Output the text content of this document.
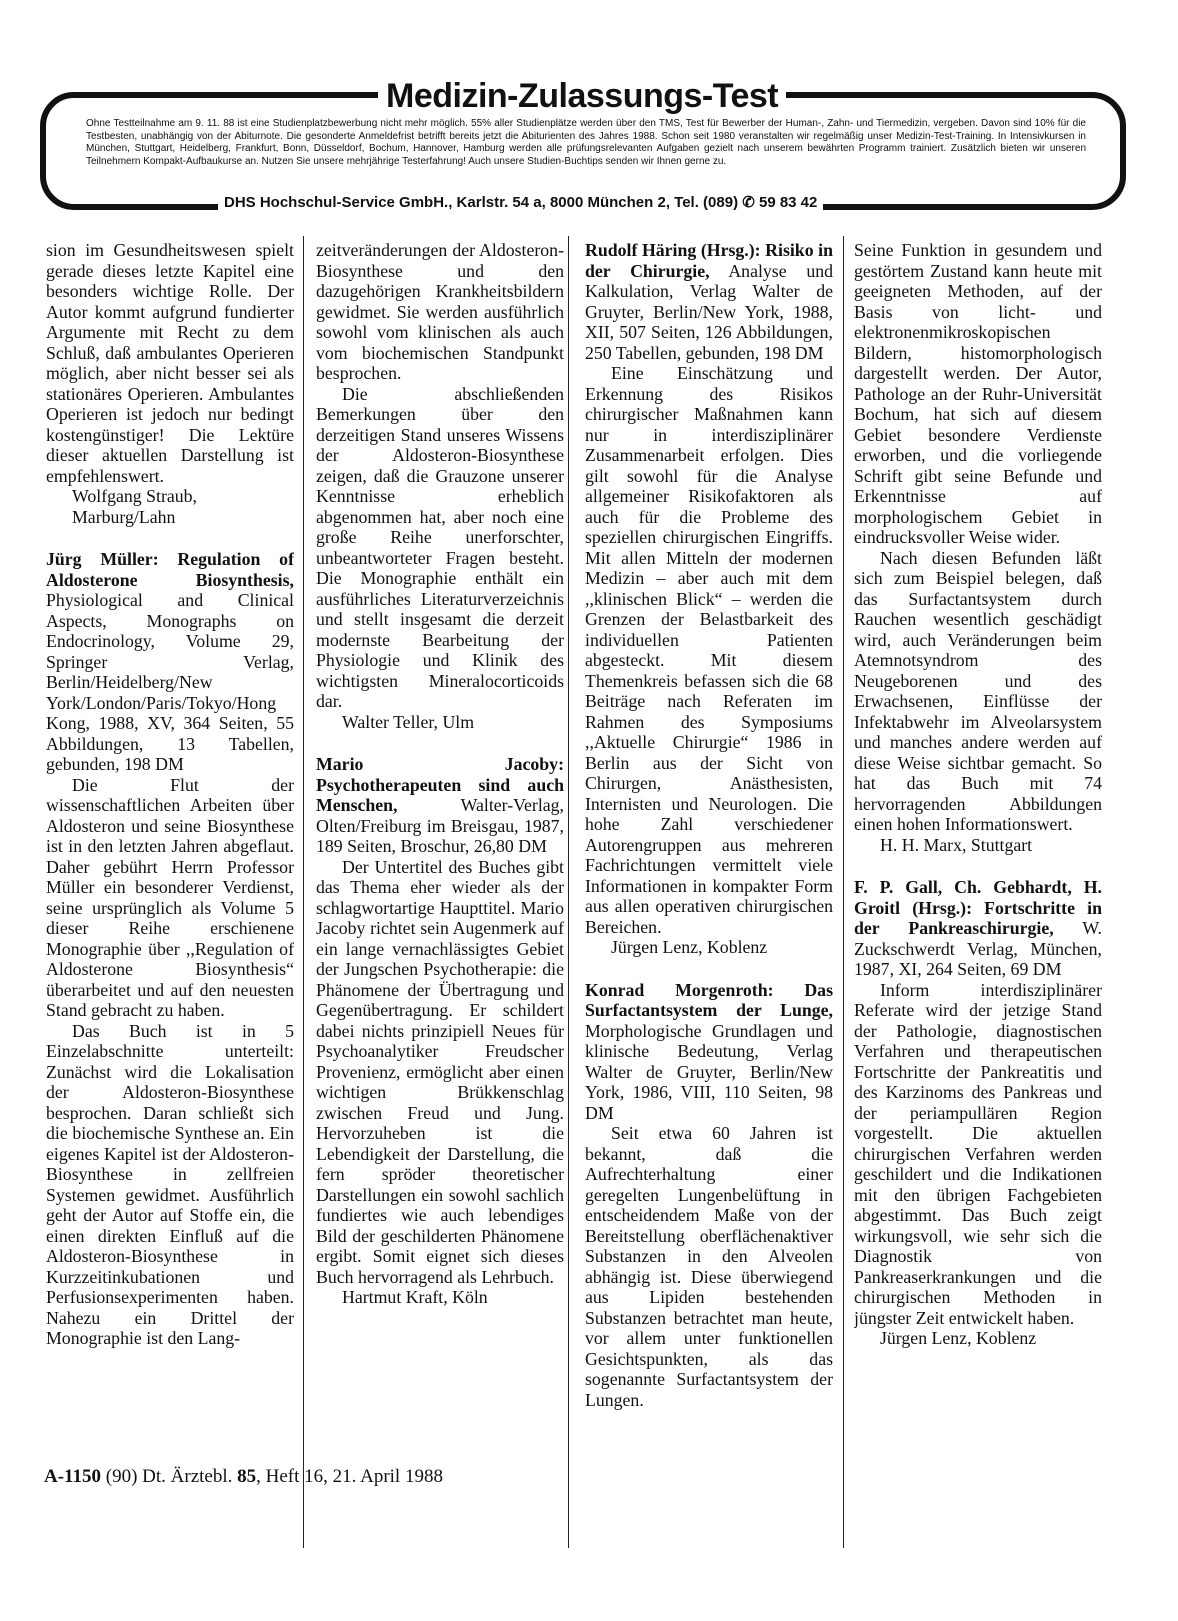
Medizin-Zulassungs-Test
Ohne Testteilnahme am 9. 11. 88 ist eine Studienplatzbewerbung nicht mehr möglich. 55% aller Studienplätze werden über den TMS, Test für Bewerber der Human-, Zahn- und Tiermedizin, vergeben. Davon sind 10% für die Testbesten, unabhängig von der Abiturnote. Die gesonderte Anmeldefrist betrifft bereits jetzt die Abiturienten des Jahres 1988. Schon seit 1980 veranstalten wir regelmäßig unser Medizin-Test-Training. In Intensivkursen in München, Stuttgart, Heidelberg, Frankfurt, Bonn, Düsseldorf, Bochum, Hannover, Hamburg werden alle prüfungsrelevanten Aufgaben gezielt nach unserem bewährten Programm trainiert. Zusätzlich bieten wir unseren Teilnehmern Kompakt-Aufbaukurse an. Nutzen Sie unsere mehrjährige Testerfahrung! Auch unsere Studien-Buchtips senden wir Ihnen gerne zu.
DHS Hochschul-Service GmbH., Karlstr. 54 a, 8000 München 2, Tel. (089) ✆ 59 83 42

sion im Gesundheitswesen spielt gerade dieses letzte Kapitel eine besonders wichtige Rolle. Der Autor kommt aufgrund fundierter Argumente mit Recht zu dem Schluß, daß ambulantes Operieren möglich, aber nicht besser sei als stationäres Operieren. Ambulantes Operieren ist jedoch nur bedingt kostengünstiger! Die Lektüre dieser aktuellen Darstellung ist empfehlenswert.

Wolfgang Straub,

Marburg/Lahn

Jürg Müller: Regulation of Aldosterone Biosynthesis, Physiological and Clinical Aspects, Monographs on Endocrinology, Volume 29, Springer Verlag, Berlin/Heidelberg/New York/London/Paris/Tokyo/Hong Kong, 1988, XV, 364 Seiten, 55 Abbildungen, 13 Tabellen, gebunden, 198 DM

Die Flut der wissenschaftlichen Arbeiten über Aldosteron und seine Biosynthese ist in den letzten Jahren abgeflaut. Daher gebührt Herrn Professor Müller ein besonderer Verdienst, seine ursprünglich als Volume 5 dieser Reihe erschienene Monographie über ,,Regulation of Aldosterone Biosynthesis“ überarbeitet und auf den neuesten Stand gebracht zu haben.

Das Buch ist in 5 Einzelabschnitte unterteilt: Zunächst wird die Lokalisation der Aldosteron-Biosynthese besprochen. Daran schließt sich die biochemische Synthese an. Ein eigenes Kapitel ist der Aldosteron-Biosynthese in zellfreien Systemen gewidmet. Ausführlich geht der Autor auf Stoffe ein, die einen direkten Einfluß auf die Aldosteron-Biosynthese in Kurzzeitinkubationen und Perfusionsexperimenten haben. Nahezu ein Drittel der Monographie ist den Lang-

zeitveränderungen der Aldosteron-Biosynthese und den dazugehörigen Krankheitsbildern gewidmet. Sie werden ausführlich sowohl vom klinischen als auch vom biochemischen Standpunkt besprochen.

Die abschließenden Bemerkungen über den derzeitigen Stand unseres Wissens der Aldosteron-Biosynthese zeigen, daß die Grauzone unserer Kenntnisse erheblich abgenommen hat, aber noch eine große Reihe unerforschter, unbeantworteter Fragen besteht. Die Monographie enthält ein ausführliches Literaturverzeichnis und stellt insgesamt die derzeit modernste Bearbeitung der Physiologie und Klinik des wichtigsten Mineralocorticoids dar.

Walter Teller, Ulm

Mario Jacoby: Psychotherapeuten sind auch Menschen, Walter-Verlag, Olten/Freiburg im Breisgau, 1987, 189 Seiten, Broschur, 26,80 DM

Der Untertitel des Buches gibt das Thema eher wieder als der schlagwortartige Haupttitel. Mario Jacoby richtet sein Augenmerk auf ein lange vernachlässigtes Gebiet der Jungschen Psychotherapie: die Phänomene der Übertragung und Gegenübertragung. Er schildert dabei nichts prinzipiell Neues für Psychoanalytiker Freudscher Provenienz, ermöglicht aber einen wichtigen Brükkenschlag zwischen Freud und Jung. Hervorzuheben ist die Lebendigkeit der Darstellung, die fern spröder theoretischer Darstellungen ein sowohl sachlich fundiertes wie auch lebendiges Bild der geschilderten Phänomene ergibt. Somit eignet sich dieses Buch hervorragend als Lehrbuch.

Hartmut Kraft, Köln

Rudolf Häring (Hrsg.): Risiko in der Chirurgie, Analyse und Kalkulation, Verlag Walter de Gruyter, Berlin/New York, 1988, XII, 507 Seiten, 126 Abbildungen, 250 Tabellen, gebunden, 198 DM

Eine Einschätzung und Erkennung des Risikos chirurgischer Maßnahmen kann nur in interdisziplinärer Zusammenarbeit erfolgen. Dies gilt sowohl für die Analyse allgemeiner Risikofaktoren als auch für die Probleme des speziellen chirurgischen Eingriffs. Mit allen Mitteln der modernen Medizin – aber auch mit dem ,,klinischen Blick“ – werden die Grenzen der Belastbarkeit des individuellen Patienten abgesteckt. Mit diesem Themenkreis befassen sich die 68 Beiträge nach Referaten im Rahmen des Symposiums ,,Aktuelle Chirurgie“ 1986 in Berlin aus der Sicht von Chirurgen, Anästhesisten, Internisten und Neurologen. Die hohe Zahl verschiedener Autorengruppen aus mehreren Fachrichtungen vermittelt viele Informationen in kompakter Form aus allen operativen chirurgischen Bereichen.

Jürgen Lenz, Koblenz

Konrad Morgenroth: Das Surfactantsystem der Lunge, Morphologische Grundlagen und klinische Bedeutung, Verlag Walter de Gruyter, Berlin/New York, 1986, VIII, 110 Seiten, 98 DM

Seit etwa 60 Jahren ist bekannt, daß die Aufrechterhaltung einer geregelten Lungenbelüftung in entscheidendem Maße von der Bereitstellung oberflächenaktiver Substanzen in den Alveolen abhängig ist. Diese überwiegend aus Lipiden bestehenden Substanzen betrachtet man heute, vor allem unter funktionellen Gesichtspunkten, als das sogenannte Surfactantsystem der Lungen.

Seine Funktion in gesundem und gestörtem Zustand kann heute mit geeigneten Methoden, auf der Basis von licht- und elektronenmikroskopischen Bildern, histomorphologisch dargestellt werden. Der Autor, Pathologe an der Ruhr-Universität Bochum, hat sich auf diesem Gebiet besondere Verdienste erworben, und die vorliegende Schrift gibt seine Befunde und Erkenntnisse auf morphologischem Gebiet in eindrucksvoller Weise wider.

Nach diesen Befunden läßt sich zum Beispiel belegen, daß das Surfactantsystem durch Rauchen wesentlich geschädigt wird, auch Veränderungen beim Atemnotsyndrom des Neugeborenen und des Erwachsenen, Einflüsse der Infektabwehr im Alveolarsystem und manches andere werden auf diese Weise sichtbar gemacht. So hat das Buch mit 74 hervorragenden Abbildungen einen hohen Informationswert.

H. H. Marx, Stuttgart

F. P. Gall, Ch. Gebhardt, H. Groitl (Hrsg.): Fortschritte in der Pankreaschirurgie, W. Zuckschwerdt Verlag, München, 1987, XI, 264 Seiten, 69 DM

Inform interdisziplinärer Referate wird der jetzige Stand der Pathologie, diagnostischen Verfahren und therapeutischen Fortschritte der Pankreatitis und des Karzinoms des Pankreas und der periampullären Region vorgestellt. Die aktuellen chirurgischen Verfahren werden geschildert und die Indikationen mit den übrigen Fachgebieten abgestimmt. Das Buch zeigt wirkungsvoll, wie sehr sich die Diagnostik von Pankreaserkrankungen und die chirurgischen Methoden in jüngster Zeit entwickelt haben.

Jürgen Lenz, Koblenz

A-1150 (90) Dt. Ärztebl. 85, Heft 16, 21. April 1988
